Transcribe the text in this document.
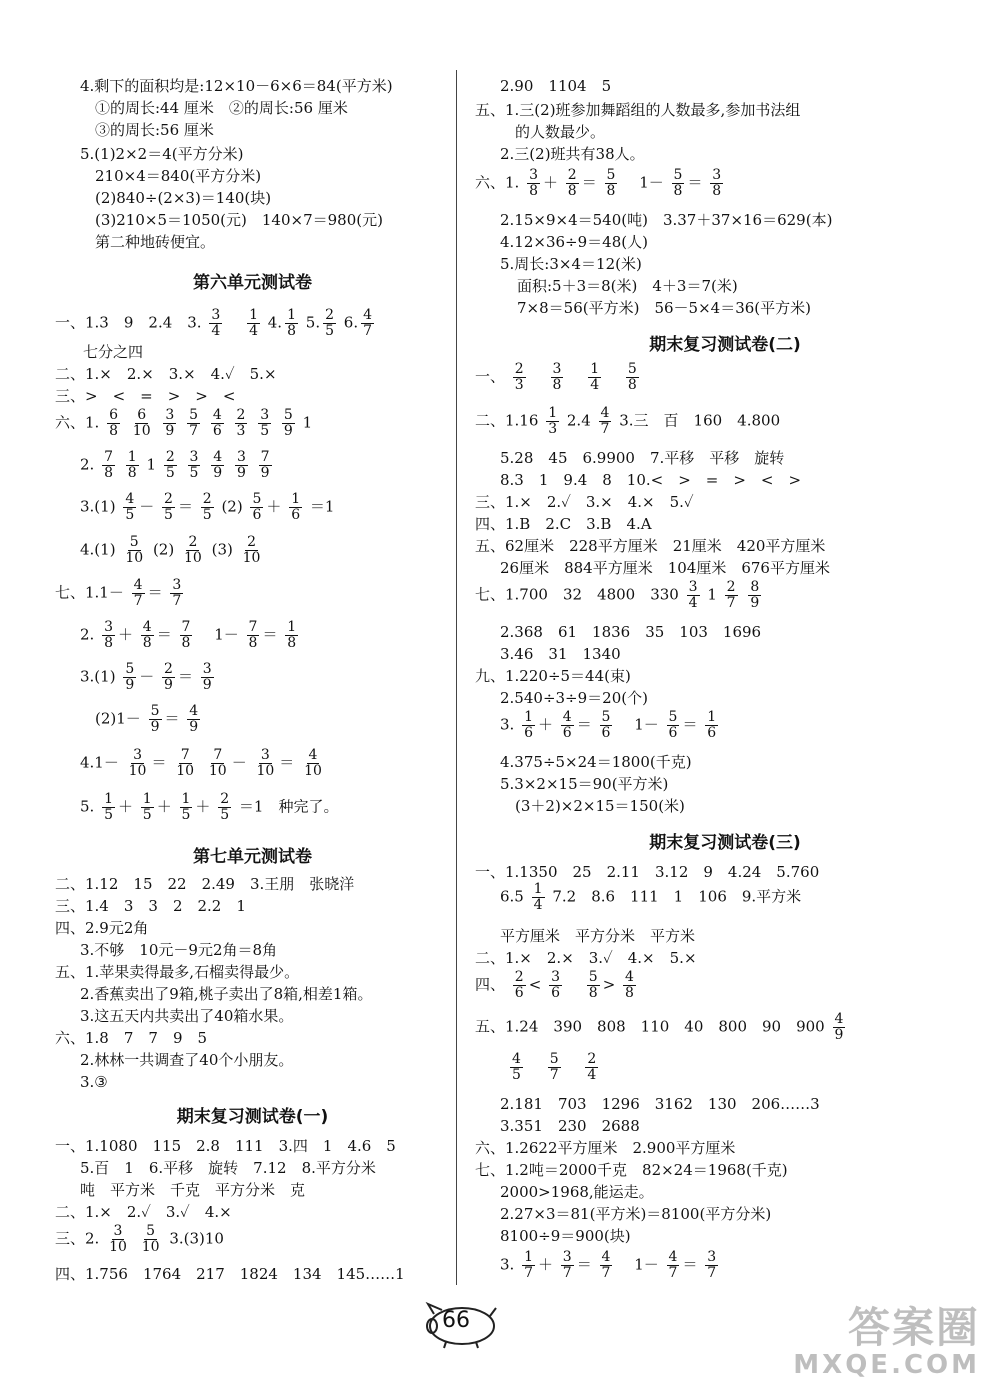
4.剩下的面积均是:12×10－6×6＝84(平方米)
①的周长:44 厘米　②的周长:56 厘米
③的周长:56 厘米
5.(1)2×2＝4(平方分米)
210×4＝840(平方分米)
(2)840÷(2×3)＝140(块)
(3)210×5＝1050(元)　140×7＝980(元)
第二种地砖便宜。
第六单元测试卷
一、1.3　9　2.4　3. $\frac{3}{4}$
$\frac{1}{4} 4$. $\frac{1}{8} 5$. $\frac{2}{5} 6$. $\frac{4}{7}$
七分之四
二、1.×　2.×　3.×　4.✓　5.×
三、>　<　=　>　>　<
六、1. $\frac{6}{8}$
$\frac{6}{10}$
$\frac{3}{9}$
$\frac{5}{7}$
$\frac{4}{6}$
$\frac{2}{3}$
$\frac{3}{5}$
$\frac{5}{9} 1$
2. $\frac{7}{8}$
$\frac{1}{8} 1 \frac{2}{5}$
$\frac{3}{5}$
$\frac{4}{9}$
$\frac{3}{9}$
$\frac{7}{9}$
$3.(1) \frac{4}{5} - \frac{2}{5} = \frac{2}{5} (2) \frac{5}{6} + \frac{1}{6} =1$
$4.(1) \frac{5}{10} (2) \frac{2}{10} (3) \frac{2}{10}$
七、$1.1- \frac{4}{7} = \frac{3}{7}$
2. $\frac{3}{8} + \frac{4}{8} = \frac{7}{8} 1- \frac{7}{8} = \frac{1}{8}$
$3.(1) \frac{5}{9} - \frac{2}{9} = \frac{3}{9}$
$(2)1- \frac{5}{9} = \frac{4}{9}$
$4.1- \frac{3}{10} = \frac{7}{10}$
$\frac{7}{10} - \frac{3}{10} = \frac{4}{10}$
5. $\frac{1}{5} + \frac{1}{5} + \frac{1}{5} + \frac{2}{5} =1$　种完了。
第七单元测试卷
二、1.12　15　22　2.49　3.王朋　张晓洋
三、1.4　3　3　2　2.2　1
四、2.9元2角
3.不够　10元－9元2角＝8角
五、1.苹果卖得最多,石榴卖得最少。
2.香蕉卖出了9箱,桃子卖出了8箱,相差1箱。
3.这五天内共卖出了40箱水果。
六、1.8　7　7　9　5
2.林林一共调查了40个小朋友。
3.③
期末复习测试卷(一)
一、1.1080　115　2.8　111　3.四　1　4.6　5
5.百　1　6.平移　旋转　7.12　8.平方分米
吨　平方米　千克　平方分米　克
二、1.×　2.✓　3.✓　4.×
三、2. $\frac{3}{10}$
$\frac{5}{10} 3.(3)10$
四、1.756　1764　217　1824　134　145……1
2.90　1104　5
五、1.三(2)班参加舞蹈组的人数最多,参加书法组
的人数最少。
2.三(2)班共有38人。
六、1. $\frac{3}{8} + \frac{2}{8} = \frac{5}{8} 1- \frac{5}{8} = \frac{3}{8}$
2.15×9×4＝540(吨)　3.37＋37×16＝629(本)
4.12×36÷9＝48(人)
5.周长:3×4＝12(米)
面积:5＋3＝8(米)　4＋3＝7(米)
7×8＝56(平方米)　56－5×4＝36(平方米)
期末复习测试卷(二)
一、 $\frac{2}{3}$
$\frac{3}{8}$
$\frac{1}{4}$
$\frac{5}{8}$
二、$1.16 \frac{1}{3} 2.4 \frac{4}{7} 3$.三　百　160　4.800
5.28　45　6.9900　7.平移　平移　旋转
8.3　1　9.4　8　10.<　>　=　>　<　>
三、1.×　2.✓　3.×　4.×　5.✓
四、1.B　2.C　3.B　4.A
五、62厘米　228平方厘米　21厘米　420平方厘米
26厘米　884平方厘米　104厘米　676平方厘米
七、1.700　32　4800　$330 \frac{3}{4} 1 \frac{2}{7}$
$\frac{8}{9}$
2.368　61　1836　35　103　1696
3.46　31　1340
九、1.220÷5＝44(束)
2.540÷3÷9＝20(个)
3. $\frac{1}{6} + \frac{4}{6} = \frac{5}{6} 1- \frac{5}{6} = \frac{1}{6}$
4.375÷5×24＝1800(千克)
5.3×2×15＝90(平方米)
(3＋2)×2×15＝150(米)
期末复习测试卷(三)
一、1.1350　25　2.11　3.12　9　4.24　5.760
$6.5 \frac{1}{4} 7.2$　8.6　111　1　106　9.平方米
平方厘米　平方分米　平方米
二、1.×　2.×　3.✓　4.×　5.×
四、 $\frac{2}{6} < \frac{3}{6}$
$\frac{5}{8} > \frac{4}{8}$
五、1.24　390　808　110　40　800　90　$900 \frac{4}{9}$
$\frac{4}{5}$
$\frac{5}{7}$
$\frac{2}{4}$
2.181　703　1296　3162　130　206……3
3.351　230　2688
六、1.2622平方厘米　2.900平方厘米
七、1.2吨＝2000千克　82×24＝1968(千克)
2000>1968,能运走。
2.27×3＝81(平方米)＝8100(平方分米)
8100÷9＝900(块)
3. $\frac{1}{7} + \frac{3}{7} = \frac{4}{7} 1- \frac{4}{7} = \frac{3}{7}$
66	答案圈
MXQE.COM
